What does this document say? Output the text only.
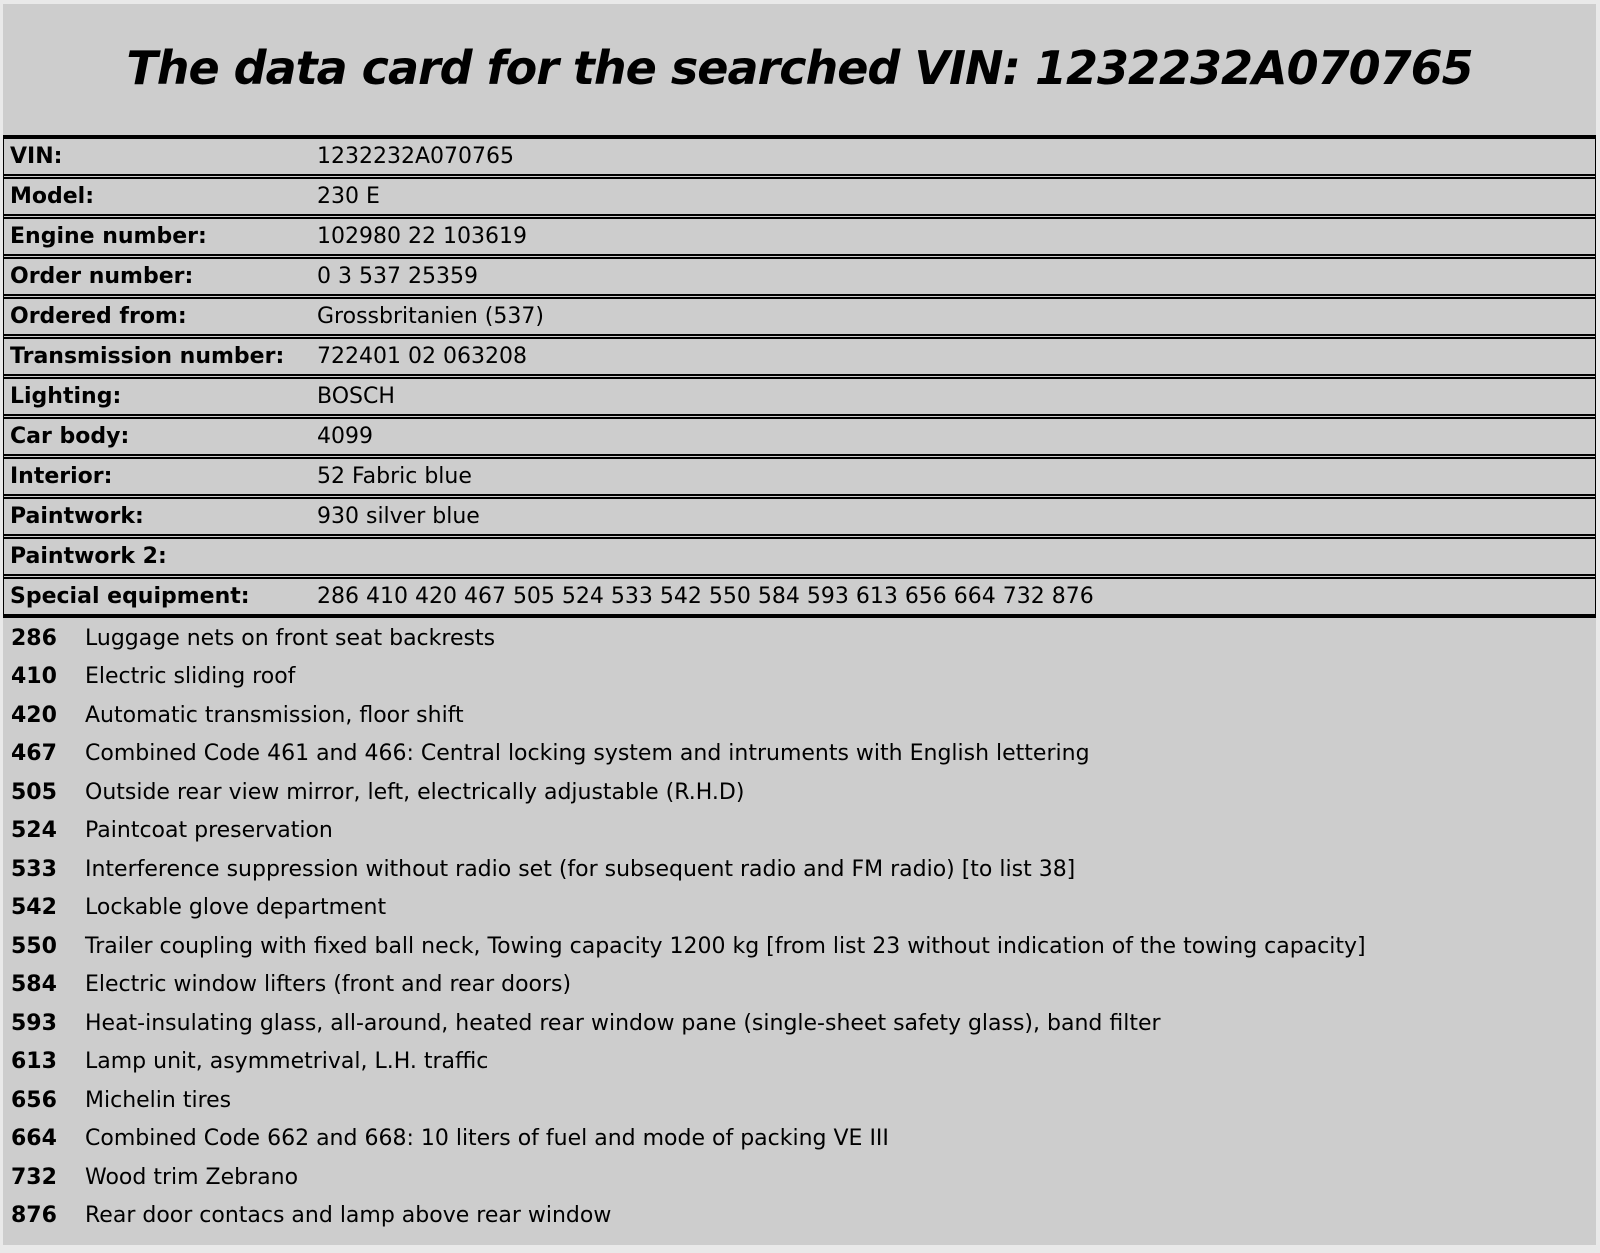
The data card for the searched VIN: 1232232A070765
VIN:	1232232A070765
Model:	230 E
Engine number:	102980 22 103619
Order number:	0 3 537 25359
Ordered from:	Grossbritanien (537)
Transmission number:	722401 02 063208
Lighting:	BOSCH
Car body:	4099
Interior:	52 Fabric blue
Paintwork:	930 silver blue
Paintwork 2:
Special equipment:	286 410 420 467 505 524 533 542 550 584 593 613 656 664 732 876
286	Luggage nets on front seat backrests
410	Electric sliding roof
420	Automatic transmission, floor shift
467	Combined Code 461 and 466: Central locking system and intruments with English lettering
505	Outside rear view mirror, left, electrically adjustable (R.H.D)
524	Paintcoat preservation
533	Interference suppression without radio set (for subsequent radio and FM radio) [to list 38]
542	Lockable glove department
550	Trailer coupling with fixed ball neck, Towing capacity 1200 kg [from list 23 without indication of the towing capacity]
584	Electric window lifters (front and rear doors)
593	Heat-insulating glass, all-around, heated rear window pane (single-sheet safety glass), band filter
613	Lamp unit, asymmetrival, L.H. traffic
656	Michelin tires
664	Combined Code 662 and 668: 10 liters of fuel and mode of packing VE III
732	Wood trim Zebrano
876	Rear door contacs and lamp above rear window
